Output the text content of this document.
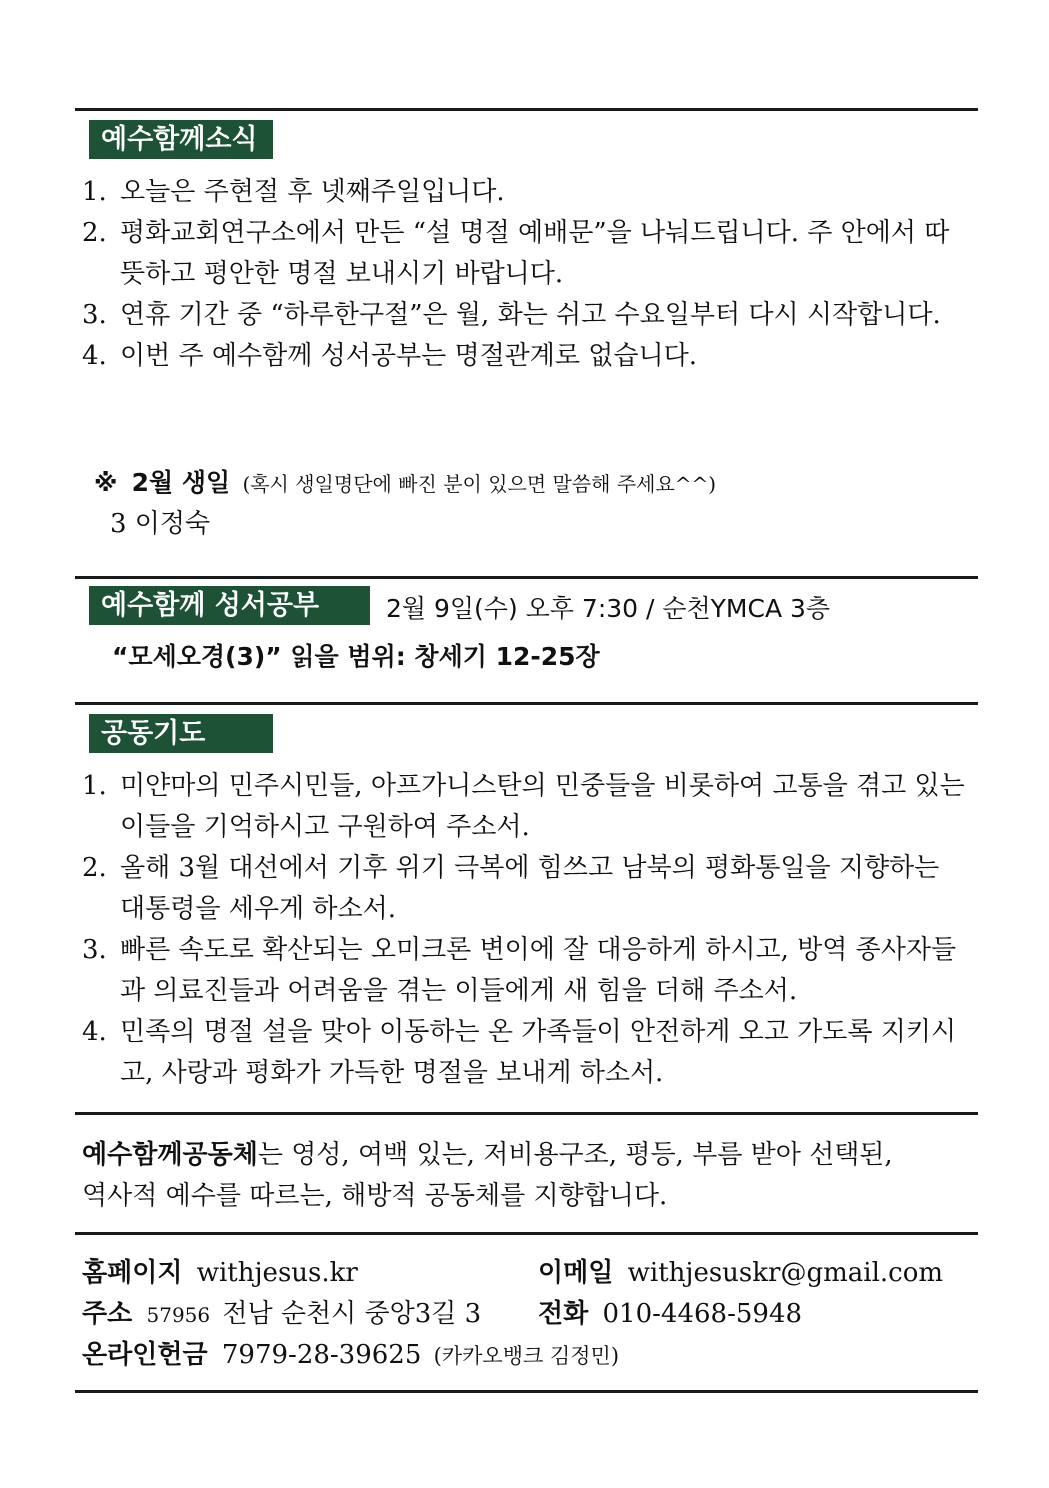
예수함께소식
1. 오늘은 주현절 후 넷째주일입니다.
2. 평화교회연구소에서 만든 “설 명절 예배문”을 나눠드립니다. 주 안에서 따뜻하고 평안한 명절 보내시기 바랍니다.
3. 연휴 기간 중 “하루한구절”은 월, 화는 쉬고 수요일부터 다시 시작합니다.
4. 이번 주 예수함께 성서공부는 명절관계로 없습니다.
※ 2월 생일 (혹시 생일명단에 빠진 분이 있으면 말씀해 주세요^^)
3 이정숙
예수함께 성서공부	2월 9일(수) 오후 7:30 / 순천YMCA 3층
“모세오경(3)” 읽을 범위: 창세기 12-25장
공동기도
1. 미얀마의 민주시민들, 아프가니스탄의 민중들을 비롯하여 고통을 겪고 있는 이들을 기억하시고 구원하여 주소서.
2. 올해 3월 대선에서 기후 위기 극복에 힘쓰고 남북의 평화통일을 지향하는 대통령을 세우게 하소서.
3. 빠른 속도로 확산되는 오미크론 변이에 잘 대응하게 하시고, 방역 종사자들과 의료진들과 어려움을 겪는 이들에게 새 힘을 더해 주소서.
4. 민족의 명절 설을 맞아 이동하는 온 가족들이 안전하게 오고 가도록 지키시고, 사랑과 평화가 가득한 명절을 보내게 하소서.
예수함께공동체는 영성, 여백 있는, 저비용구조, 평등, 부름 받아 선택된,
역사적 예수를 따르는, 해방적 공동체를 지향합니다.
홈페이지 withjesus.kr	이메일 withjesuskr@gmail.com
주소 57956 전남 순천시 중앙3길 3 전화 010-4468-5948
온라인헌금 7979-28-39625 (카카오뱅크 김정민)
